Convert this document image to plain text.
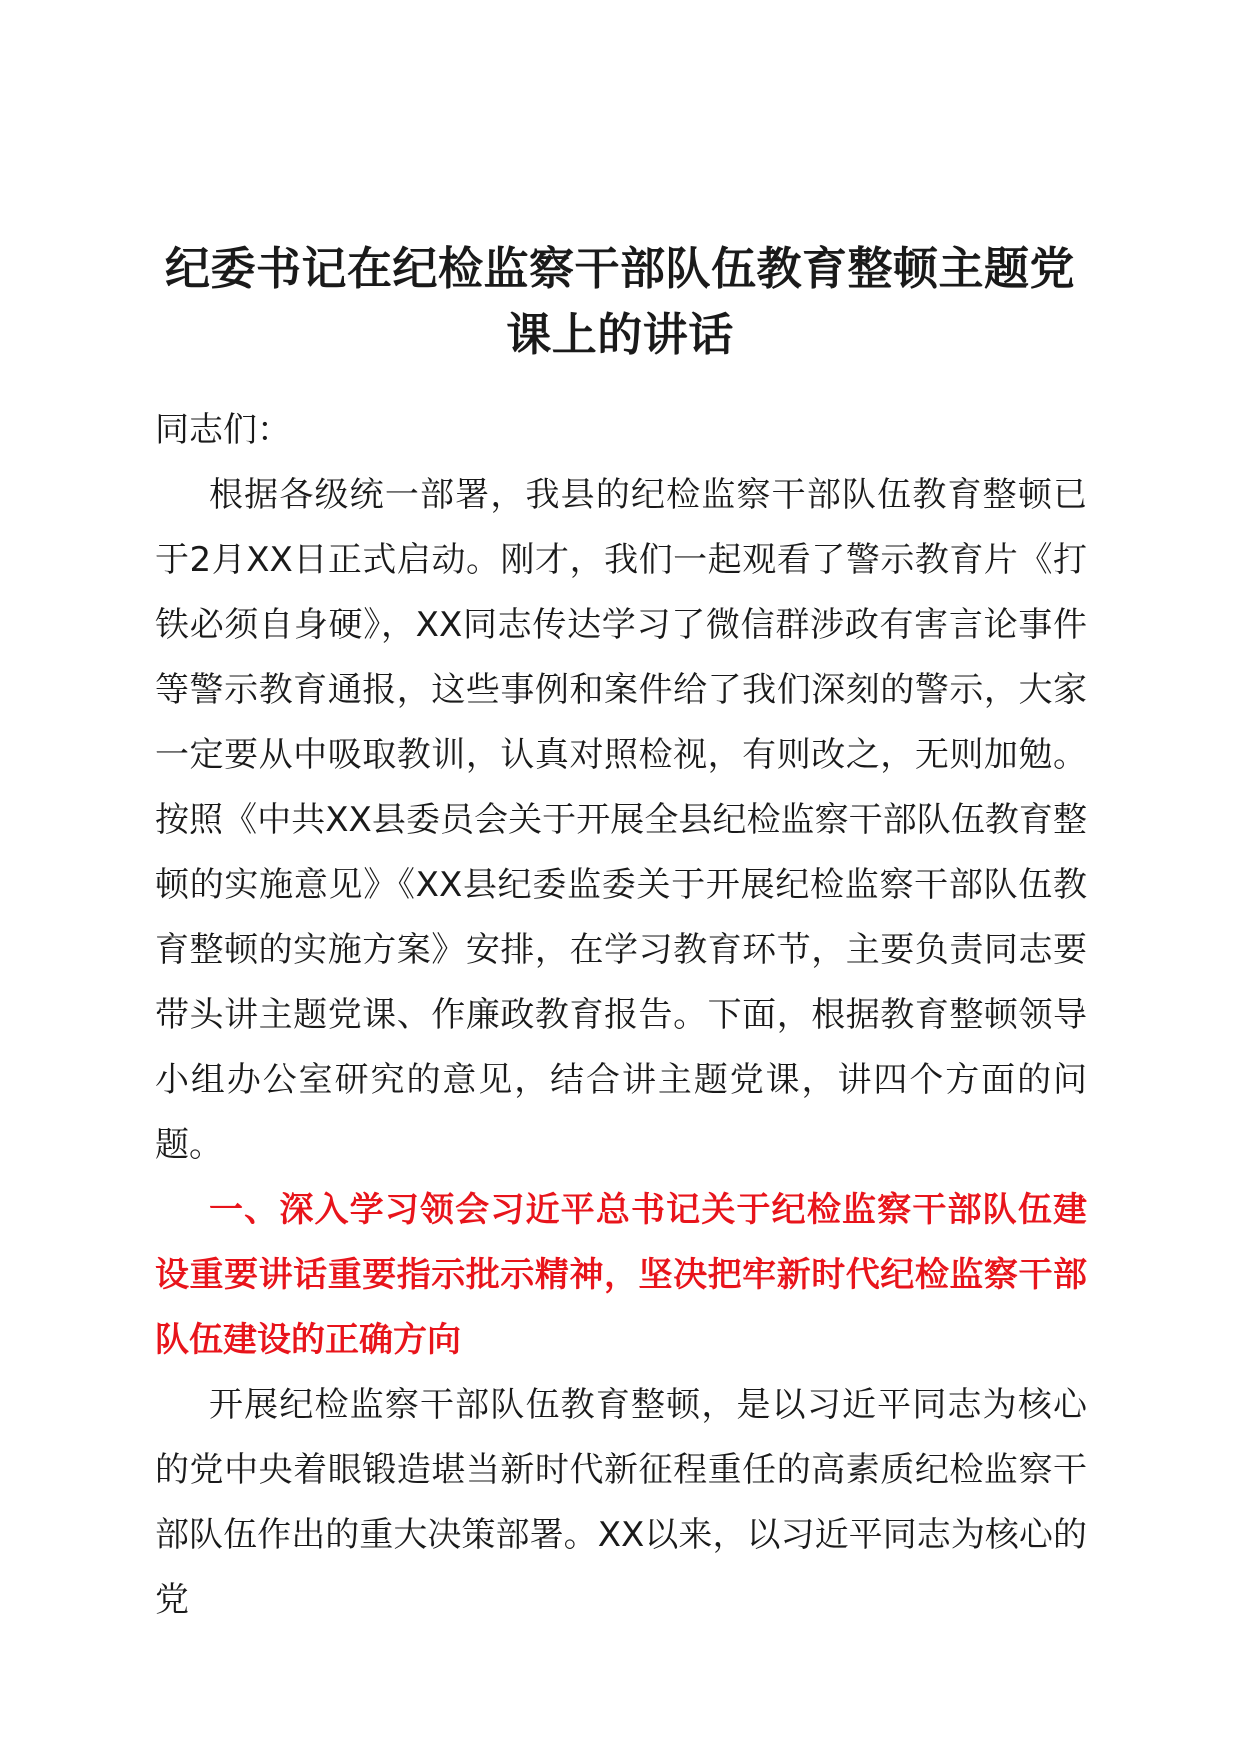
纪委书记在纪检监察干部队伍教育整顿主题党课上的讲话

同志们：

根据各级统一部署，我县的纪检监察干部队伍教育整顿已于2月XX日正式启动。刚才，我们一起观看了警示教育片《打铁必须自身硬》，XX同志传达学习了微信群涉政有害言论事件等警示教育通报，这些事例和案件给了我们深刻的警示，大家一定要从中吸取教训，认真对照检视，有则改之，无则加勉。按照《中共XX县委员会关于开展全县纪检监察干部队伍教育整顿的实施意见》《XX县纪委监委关于开展纪检监察干部队伍教育整顿的实施方案》安排，在学习教育环节，主要负责同志要带头讲主题党课、作廉政教育报告。下面，根据教育整顿领导小组办公室研究的意见，结合讲主题党课，讲四个方面的问题。

一、深入学习领会习近平总书记关于纪检监察干部队伍建设重要讲话重要指示批示精神，坚决把牢新时代纪检监察干部队伍建设的正确方向

开展纪检监察干部队伍教育整顿，是以习近平同志为核心的党中央着眼锻造堪当新时代新征程重任的高素质纪检监察干部队伍作出的重大决策部署。XX以来，以习近平同志为核心的党
